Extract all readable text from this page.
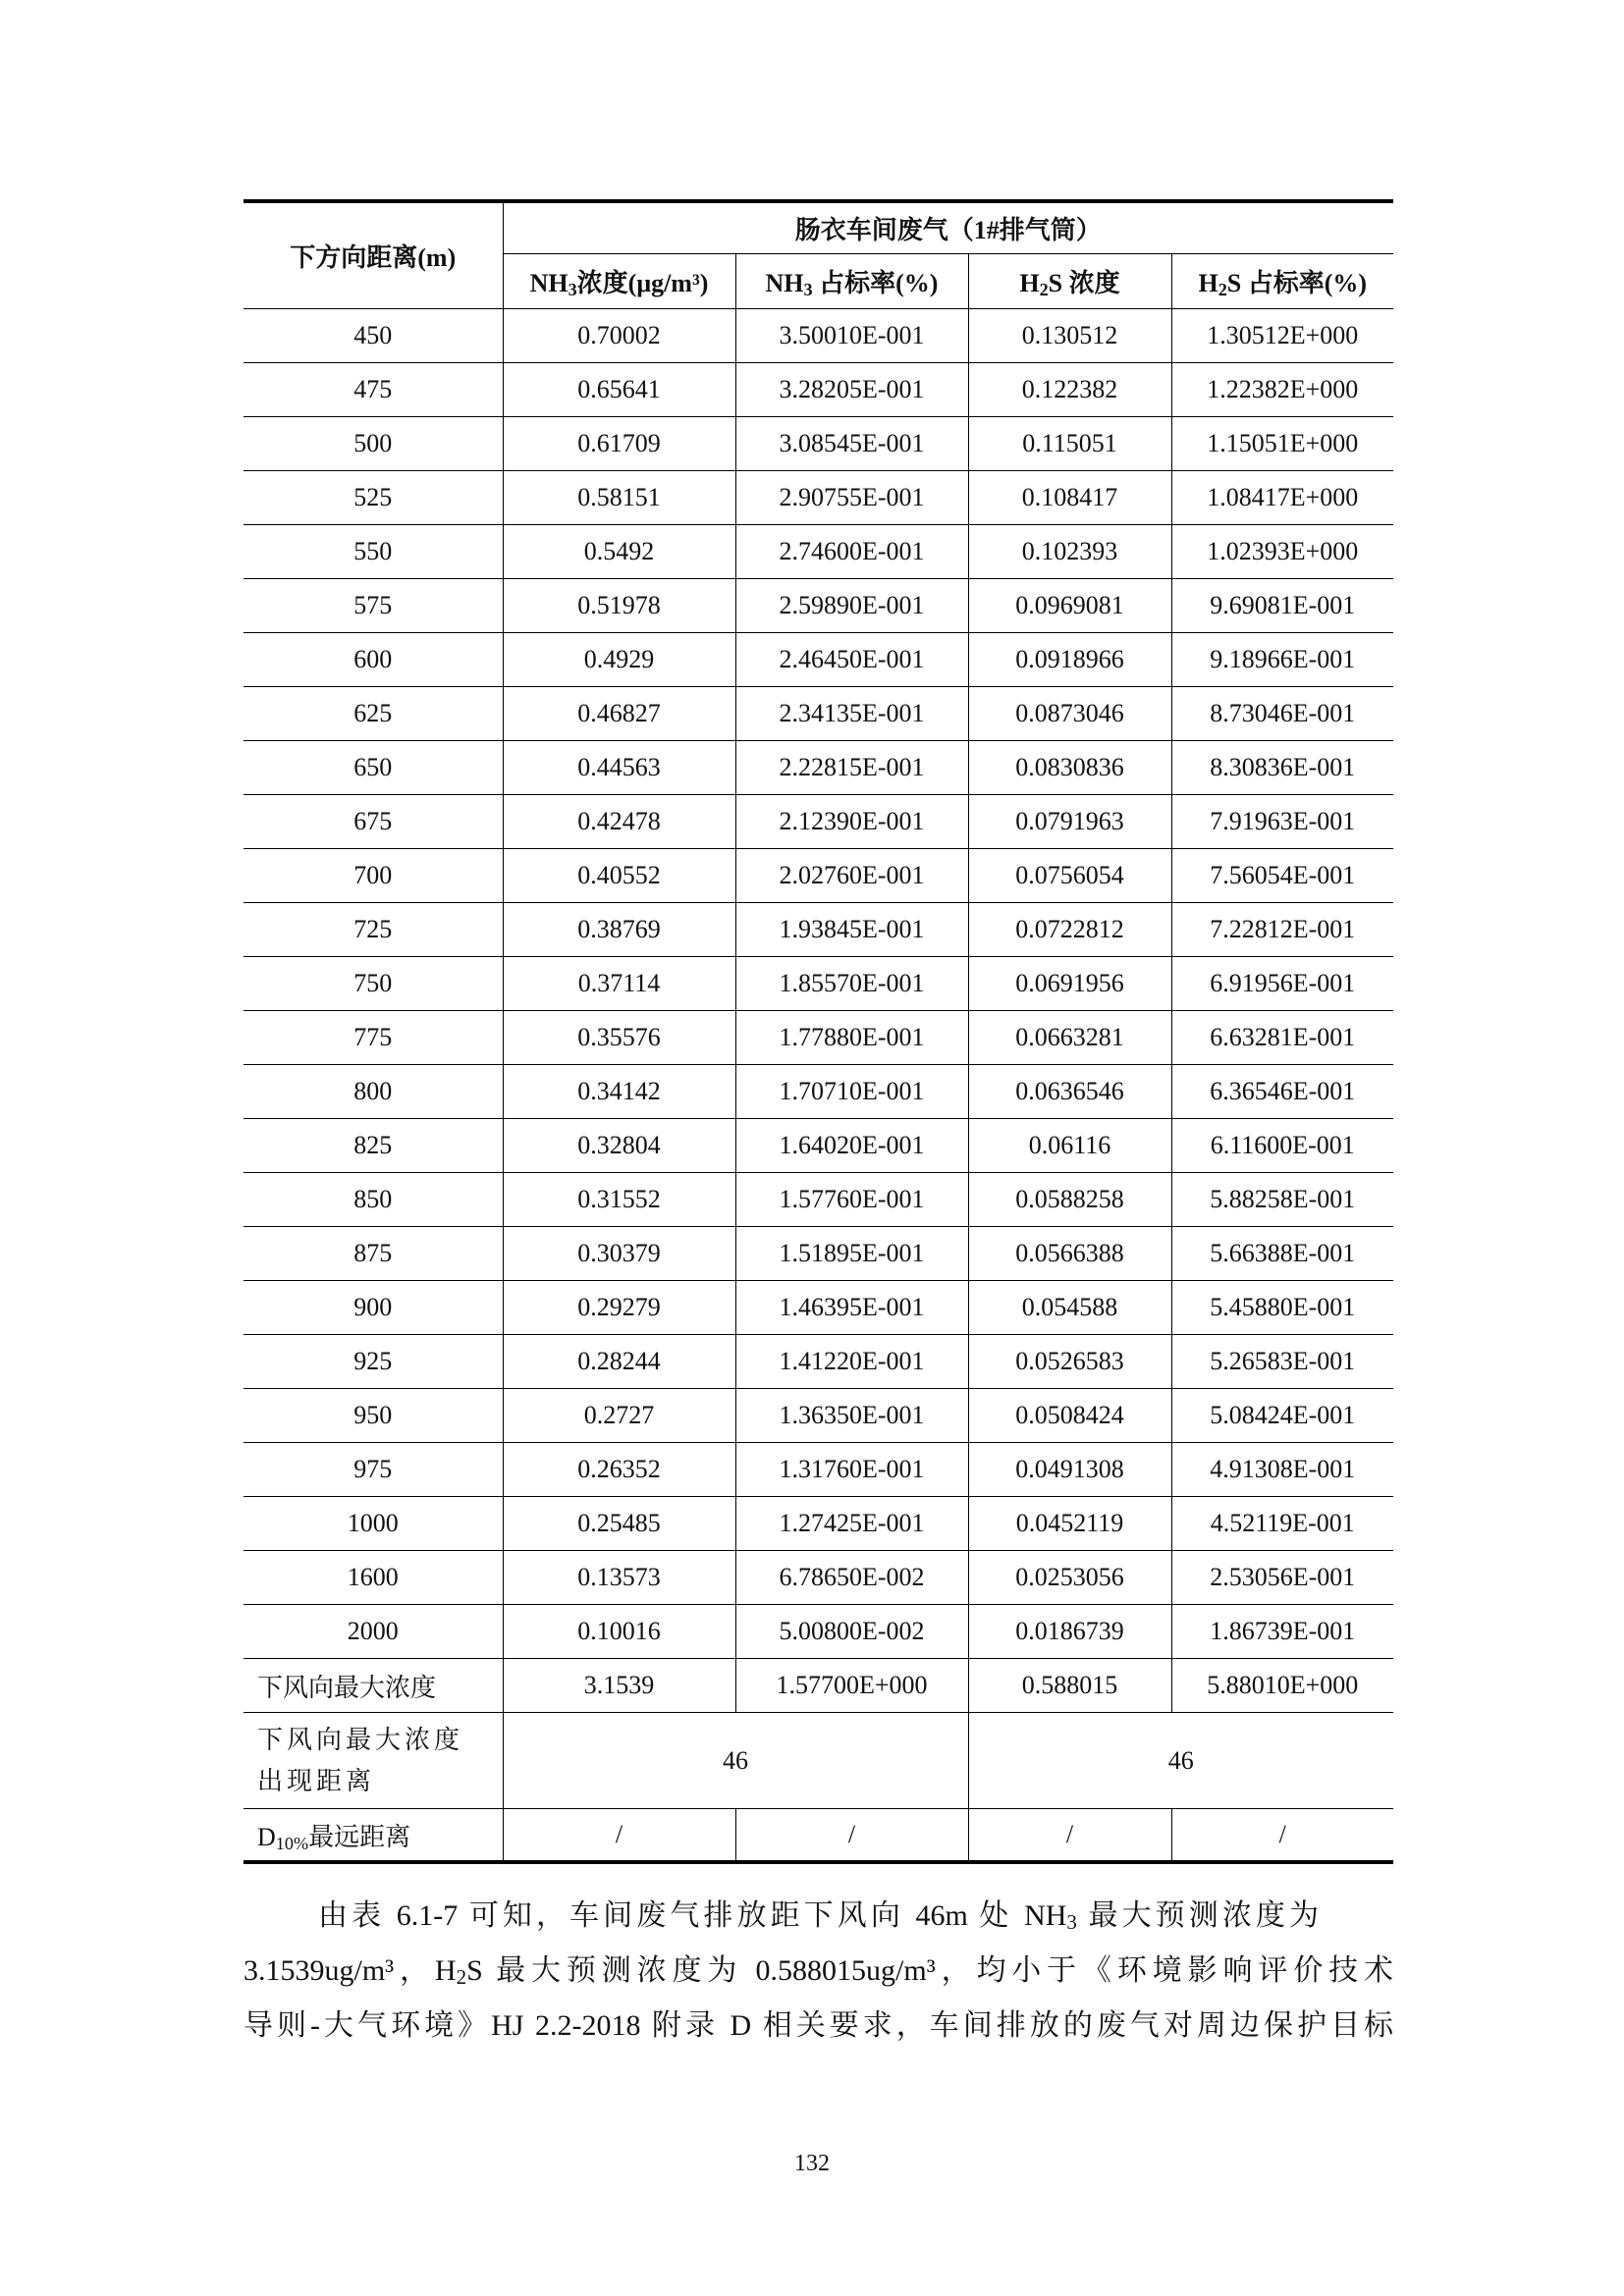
下方向距离(m)	肠衣车间废气（1#排气筒）			
	$NH_3$浓度(μg/m³)	$NH_3$ 占标率(%)	$H_2S$ 浓度	$H_2S$ 占标率(%)
450	0.70002	3.50010E-001	0.130512	1.30512E+000
475	0.65641	3.28205E-001	0.122382	1.22382E+000
500	0.61709	3.08545E-001	0.115051	1.15051E+000
525	0.58151	2.90755E-001	0.108417	1.08417E+000
550	0.5492	2.74600E-001	0.102393	1.02393E+000
575	0.51978	2.59890E-001	0.0969081	9.69081E-001
600	0.4929	2.46450E-001	0.0918966	9.18966E-001
625	0.46827	2.34135E-001	0.0873046	8.73046E-001
650	0.44563	2.22815E-001	0.0830836	8.30836E-001
675	0.42478	2.12390E-001	0.0791963	7.91963E-001
700	0.40552	2.02760E-001	0.0756054	7.56054E-001
725	0.38769	1.93845E-001	0.0722812	7.22812E-001
750	0.37114	1.85570E-001	0.0691956	6.91956E-001
775	0.35576	1.77880E-001	0.0663281	6.63281E-001
800	0.34142	1.70710E-001	0.0636546	6.36546E-001
825	0.32804	1.64020E-001	0.06116	6.11600E-001
850	0.31552	1.57760E-001	0.0588258	5.88258E-001
875	0.30379	1.51895E-001	0.0566388	5.66388E-001
900	0.29279	1.46395E-001	0.054588	5.45880E-001
925	0.28244	1.41220E-001	0.0526583	5.26583E-001
950	0.2727	1.36350E-001	0.0508424	5.08424E-001
975	0.26352	1.31760E-001	0.0491308	4.91308E-001
1000	0.25485	1.27425E-001	0.0452119	4.52119E-001
1600	0.13573	6.78650E-002	0.0253056	2.53056E-001
2000	0.10016	5.00800E-002	0.0186739	1.86739E-001
下风向最大浓度	3.1539	1.57700E+000	0.588015	5.88010E+000
下风向最大浓度
出现距离	46		46	
$D_{10\%}$最远距离	/	/	/	/

由表 6.1-7 可知，车间废气排放距下风向 46m 处 $NH_3$ 最大预测浓度为

3.1539ug/m³，$H_2S$ 最大预测浓度为 0.588015ug/m³，均小于《环境影响评价技术

导则-大气环境》HJ 2.2-2018 附录 D 相关要求，车间排放的废气对周边保护目标

132
